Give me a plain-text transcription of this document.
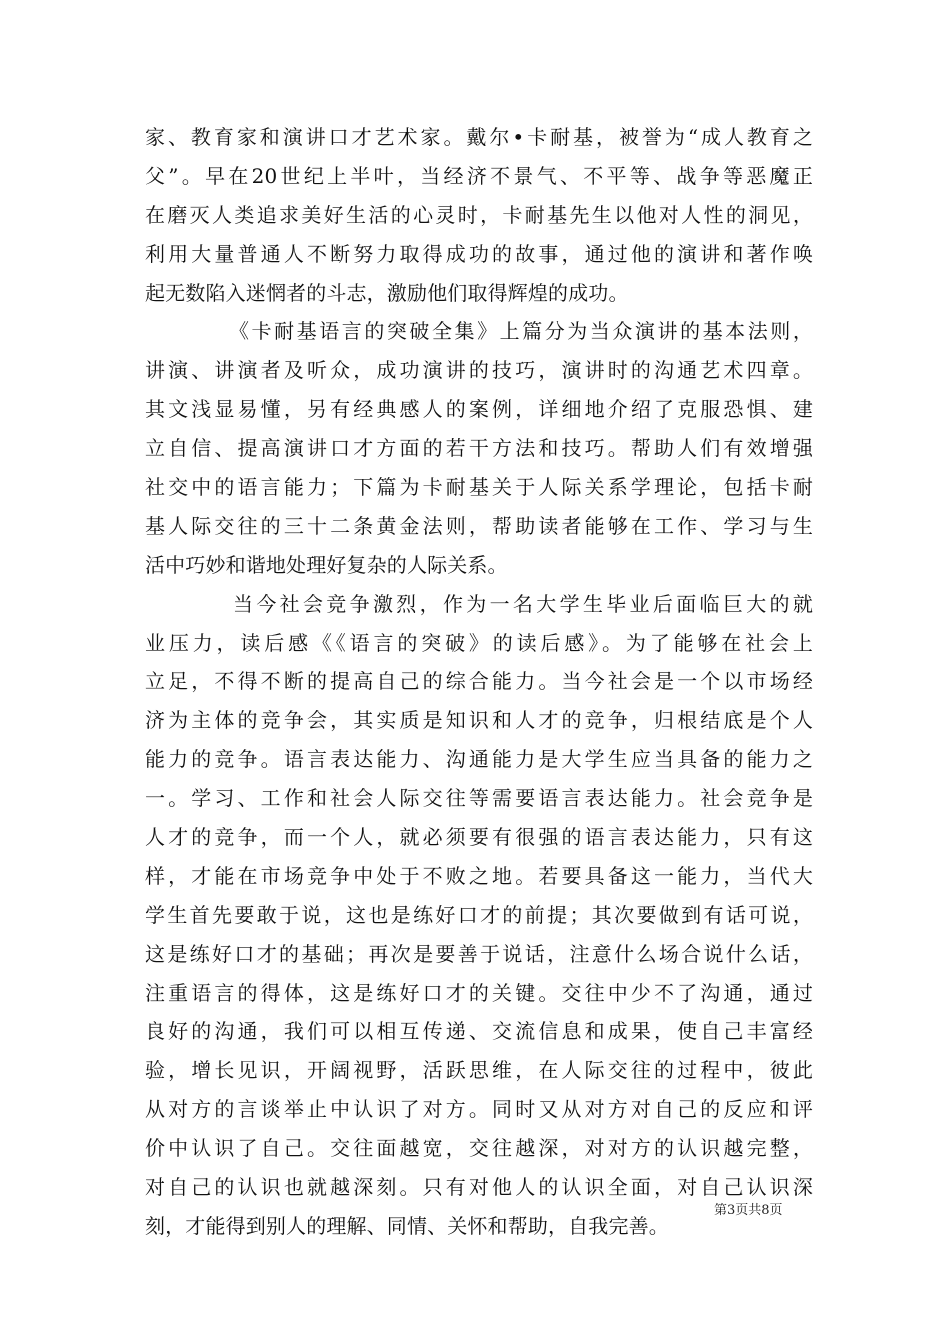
家、教育家和演讲口才艺术家。戴尔•卡耐基，被誉为“成人教育之
父”。早在20世纪上半叶，当经济不景气、不平等、战争等恶魔正
在磨灭人类追求美好生活的心灵时，卡耐基先生以他对人性的洞见，
利用大量普通人不断努力取得成功的故事，通过他的演讲和著作唤
起无数陷入迷惘者的斗志，激励他们取得辉煌的成功。
《卡耐基语言的突破全集》上篇分为当众演讲的基本法则，
讲演、讲演者及听众，成功演讲的技巧，演讲时的沟通艺术四章。
其文浅显易懂，另有经典感人的案例，详细地介绍了克服恐惧、建
立自信、提高演讲口才方面的若干方法和技巧。帮助人们有效增强
社交中的语言能力；下篇为卡耐基关于人际关系学理论，包括卡耐
基人际交往的三十二条黄金法则，帮助读者能够在工作、学习与生
活中巧妙和谐地处理好复杂的人际关系。
当今社会竞争激烈，作为一名大学生毕业后面临巨大的就
业压力，读后感《《语言的突破》的读后感》。为了能够在社会上
立足，不得不断的提高自己的综合能力。当今社会是一个以市场经
济为主体的竞争会，其实质是知识和人才的竞争，归根结底是个人
能力的竞争。语言表达能力、沟通能力是大学生应当具备的能力之
一。学习、工作和社会人际交往等需要语言表达能力。社会竞争是
人才的竞争，而一个人，就必须要有很强的语言表达能力，只有这
样，才能在市场竞争中处于不败之地。若要具备这一能力，当代大
学生首先要敢于说，这也是练好口才的前提；其次要做到有话可说，
这是练好口才的基础；再次是要善于说话，注意什么场合说什么话，
注重语言的得体，这是练好口才的关键。交往中少不了沟通，通过
良好的沟通，我们可以相互传递、交流信息和成果，使自己丰富经
验，增长见识，开阔视野，活跃思维，在人际交往的过程中，彼此
从对方的言谈举止中认识了对方。同时又从对方对自己的反应和评
价中认识了自己。交往面越宽，交往越深，对对方的认识越完整，
对自己的认识也就越深刻。只有对他人的认识全面，对自己认识深
刻，才能得到别人的理解、同情、关怀和帮助，自我完善。
第3页共8页
